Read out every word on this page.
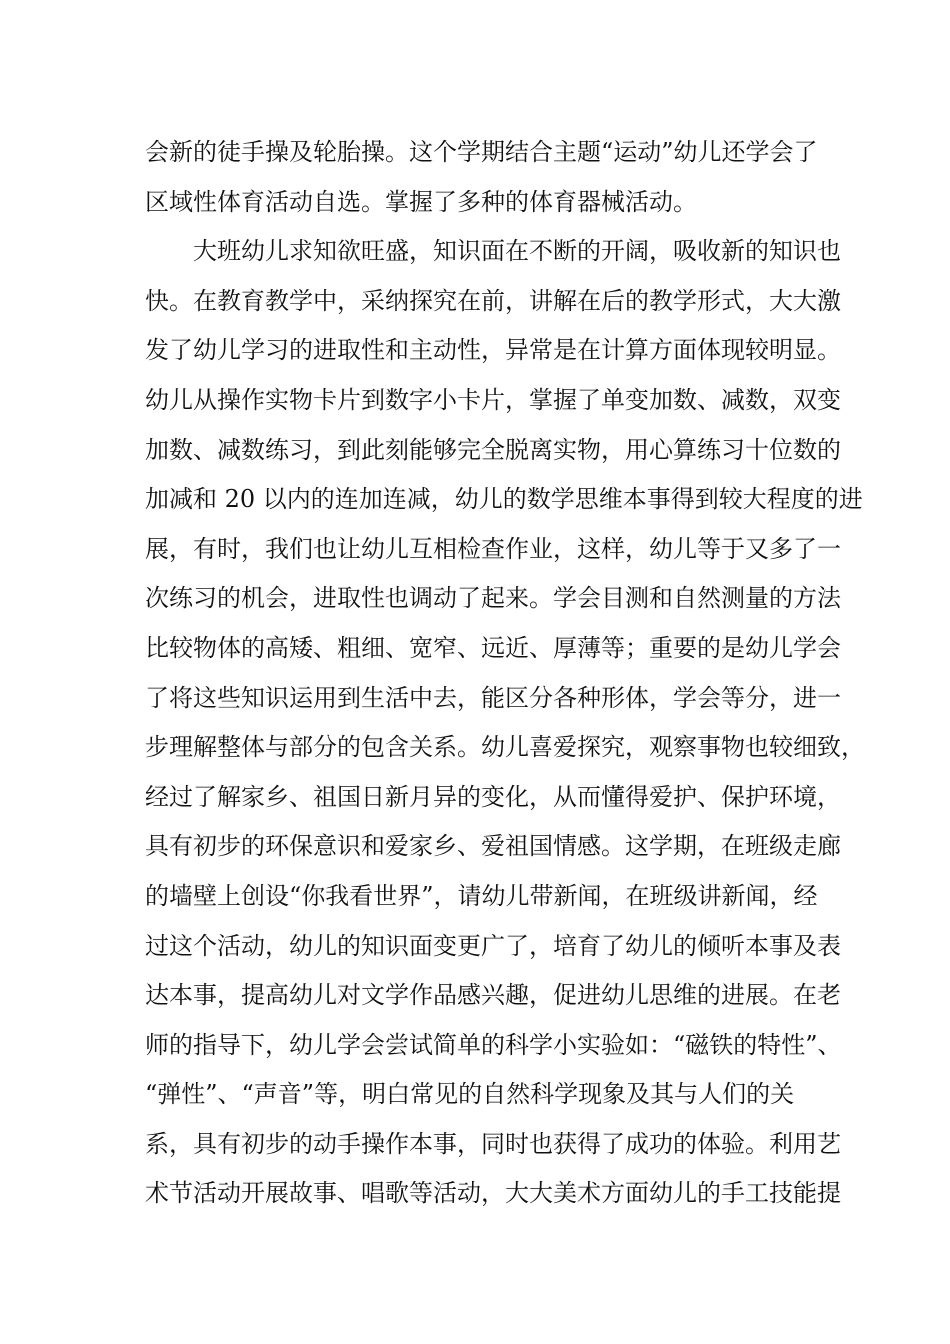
会新的徒手操及轮胎操。这个学期结合主题“运动”幼儿还学会了
区域性体育活动自选。掌握了多种的体育器械活动。
大班幼儿求知欲旺盛，知识面在不断的开阔，吸收新的知识也
快。在教育教学中，采纳探究在前，讲解在后的教学形式，大大激
发了幼儿学习的进取性和主动性，异常是在计算方面体现较明显。
幼儿从操作实物卡片到数字小卡片，掌握了单变加数、减数，双变
加数、减数练习，到此刻能够完全脱离实物，用心算练习十位数的
加减和 20 以内的连加连减，幼儿的数学思维本事得到较大程度的进
展，有时，我们也让幼儿互相检查作业，这样，幼儿等于又多了一
次练习的机会，进取性也调动了起来。学会目测和自然测量的方法
比较物体的高矮、粗细、宽窄、远近、厚薄等；重要的是幼儿学会
了将这些知识运用到生活中去，能区分各种形体，学会等分，进一
步理解整体与部分的包含关系。幼儿喜爱探究，观察事物也较细致，
经过了解家乡、祖国日新月异的变化，从而懂得爱护、保护环境，
具有初步的环保意识和爱家乡、爱祖国情感。这学期，在班级走廊
的墙壁上创设“你我看世界”，请幼儿带新闻，在班级讲新闻，经
过这个活动，幼儿的知识面变更广了，培育了幼儿的倾听本事及表
达本事，提高幼儿对文学作品感兴趣，促进幼儿思维的进展。在老
师的指导下，幼儿学会尝试简单的科学小实验如：“磁铁的特性”、
“弹性”、“声音”等，明白常见的自然科学现象及其与人们的关
系，具有初步的动手操作本事，同时也获得了成功的体验。利用艺
术节活动开展故事、唱歌等活动，大大美术方面幼儿的手工技能提
